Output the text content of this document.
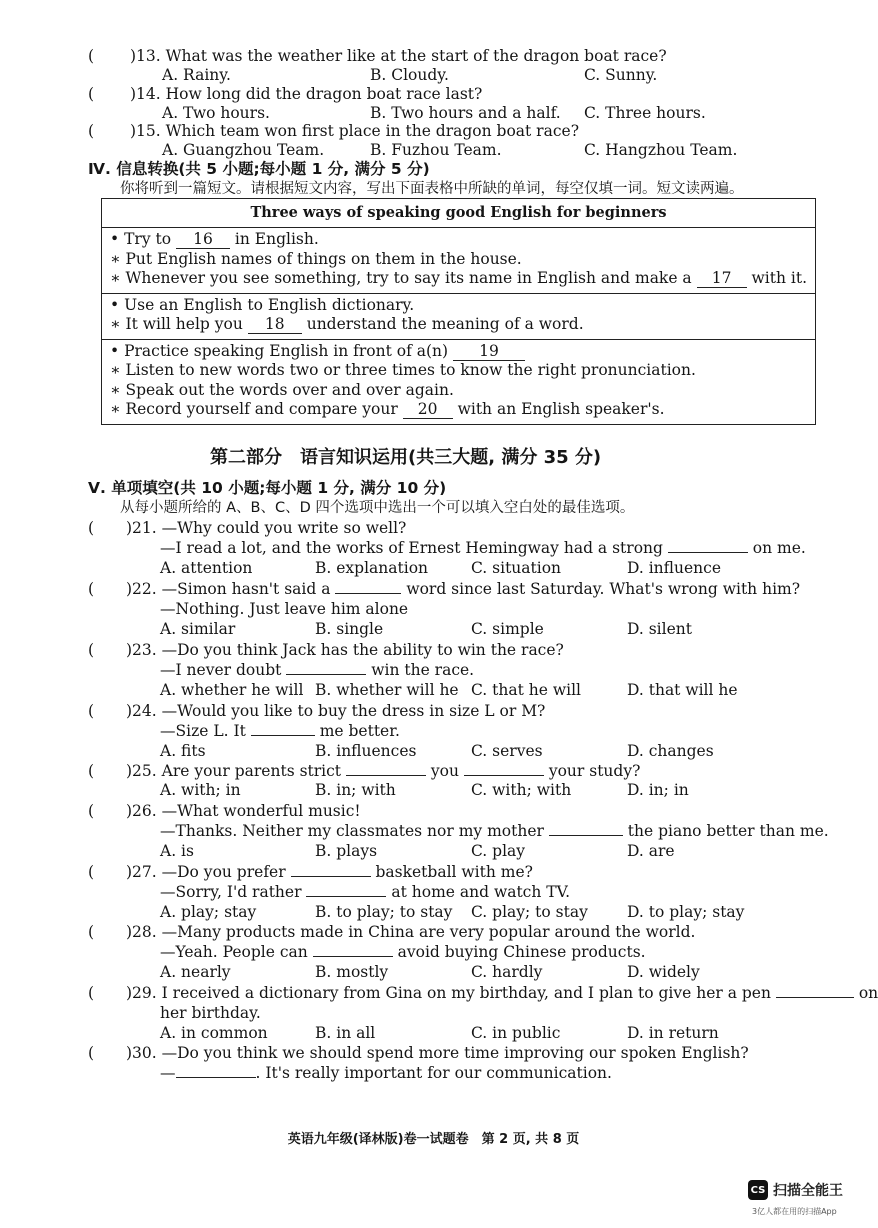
( )13. What was the weather like at the start of the dragon boat race?
A. Rainy.	B. Cloudy.	C. Sunny.
( )14. How long did the dragon boat race last?
A. Two hours.	B. Two hours and a half. C. Three hours.
( )15. Which team won first place in the dragon boat race?
A. Guangzhou Team.	B. Fuzhou Team.	C. Hangzhou Team.
Ⅳ. 信息转换(共 5 小题;每小题 1 分, 满分 5 分)
你将听到一篇短文。请根据短文内容，写出下面表格中所缺的单词，每空仅填一词。短文读两遍。
Three ways of speaking good English for beginners

• Try to 16 in English.
∗ Put English names of things on them in the house.
∗ Whenever you see something, try to say its name in English and make a 17 with it.

• Use an English to English dictionary.
∗ It will help you 18 understand the meaning of a word.

• Practice speaking English in front of a(n) 19
∗ Listen to new words two or three times to know the right pronunciation.
∗ Speak out the words over and over again.
∗ Record yourself and compare your 20 with an English speaker's.
第二部分　语言知识运用(共三大题, 满分 35 分)
Ⅴ. 单项填空(共 10 小题;每小题 1 分, 满分 10 分)
从每小题所给的 A、B、C、D 四个选项中选出一个可以填入空白处的最佳选项。
( )21. —Why could you write so well?
—I read a lot, and the works of Ernest Hemingway had a strong	on me.
A. attention	B. explanation	C. situation	D. influence
( )22. —Simon hasn't said a	word since last Saturday. What's wrong with him?
—Nothing. Just leave him alone
A. similar	B. single	C. simple	D. silent
( )23. —Do you think Jack has the ability to win the race?
—I never doubt	win the race.
A. whether he will B. whether will he C. that he will	D. that will he
( )24. —Would you like to buy the dress in size L or M?
—Size L. It	me better.
A. fits	B. influences	C. serves	D. changes
( )25. Are your parents strict	you	your study?
A. with; in	B. in; with	C. with; with	D. in; in
( )26. —What wonderful music!
—Thanks. Neither my classmates nor my mother	the piano better than me.
A. is	B. plays	C. play	D. are
( )27. —Do you prefer	basketball with me?
—Sorry, I'd rather	at home and watch TV.
A. play; stay	B. to play; to stay C. play; to stay	D. to play; stay
( )28. —Many products made in China are very popular around the world.
—Yeah. People can	avoid buying Chinese products.
A. nearly	B. mostly	C. hardly	D. widely
( )29. I received a dictionary from Gina on my birthday, and I plan to give her a pen	on
her birthday.
A. in common	B. in all	C. in public	D. in return
( )30. —Do you think we should spend more time improving our spoken English?
—	. It's really important for our communication.
英语九年级(译林版)卷一试题卷　第 2 页, 共 8 页
CS 扫描全能王
3亿人都在用的扫描App
